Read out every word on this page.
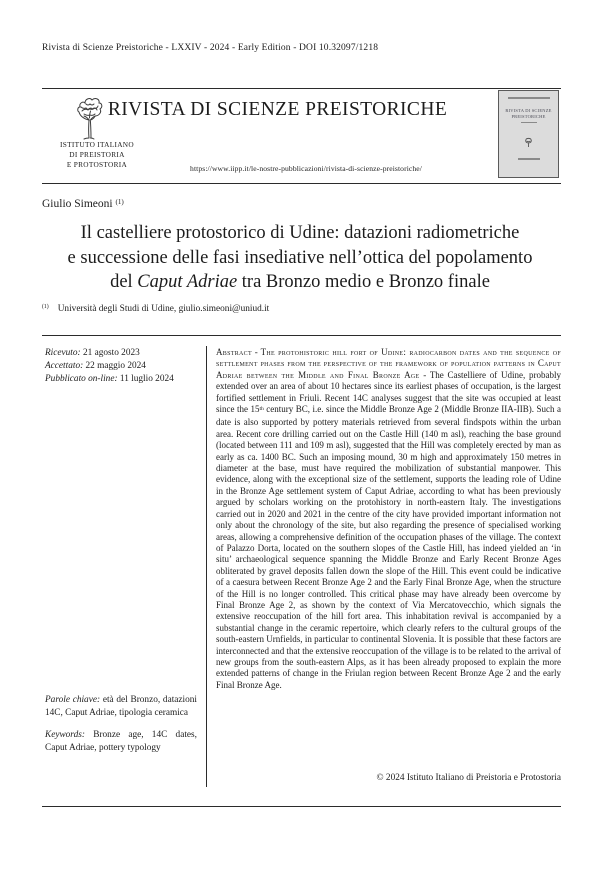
Rivista di Scienze Preistoriche - LXXIV - 2024 - Early Edition - DOI 10.32097/1218
ISTITUTO ITALIANO
DI PREISTORIA
E PROTOSTORIA
RIVISTA DI SCIENZE PREISTORICHE
https://www.iipp.it/le-nostre-pubblicazioni/rivista-di-scienze-preistoriche/
RIVISTA DI SCIENZE
PREISTORICHE
Giulio Simeoni $^{(1)}$
Il castelliere protostorico di Udine: datazioni radiometriche
e successione delle fasi insediative nell’ottica del popolamento
del Caput Adriae tra Bronzo medio e Bronzo finale
$^{(1)}$ Università degli Studi di Udine, giulio.simeoni@uniud.it
Ricevuto: 21 agosto 2023
Accettato: 22 maggio 2024
Pubblicato on-line: 11 luglio 2024

Parole chiave: età del Bronzo, datazioni 14C, Caput Adriae, tipologia ceramica

Keywords: Bronze age, 14C dates, Caput Adriae, pottery typology

Abstract - The protohistoric hill fort of Udine: radiocarbon dates and the sequence of settlement phases from the perspective of the framework of population patterns in Caput Adriae between the Middle and Final Bronze Age - The Castelliere of Udine, probably extended over an area of about 10 hectares since its earliest phases of occupation, is the largest fortified settlement in Friuli. Recent 14C analyses suggest that the site was occupied at least since the 15th century BC, i.e. since the Middle Bronze Age 2 (Middle Bronze IIA-IIB). Such a date is also supported by pottery materials retrieved from several findspots within the urban area. Recent core drilling carried out on the Castle Hill (140 m asl), reaching the base ground (located between 111 and 109 m asl), suggested that the Hill was completely erected by man as early as ca. 1400 BC. Such an imposing mound, 30 m high and approximately 150 metres in diameter at the base, must have required the mobilization of substantial manpower. This evidence, along with the exceptional size of the settlement, supports the leading role of Udine in the Bronze Age settlement system of Caput Adriae, according to what has been previously argued by scholars working on the protohistory in north-eastern Italy. The investigations carried out in 2020 and 2021 in the centre of the city have provided important information not only about the chronology of the site, but also regarding the presence of specialised working areas, allowing a comprehensive definition of the occupation phases of the village. The context of Palazzo Dorta, located on the southern slopes of the Castle Hill, has indeed yielded an ‘in situ’ archaeological sequence spanning the Middle Bronze and Early Recent Bronze Ages obliterated by gravel deposits fallen down the slope of the Hill. This event could be indicative of a caesura between Recent Bronze Age 2 and the Early Final Bronze Age, when the structure of the Hill is no longer controlled. This critical phase may have already been overcome by Final Bronze Age 2, as shown by the context of Via Mercatovecchio, which signals the extensive reoccupation of the hill fort area. This inhabitation revival is accompanied by a substantial change in the ceramic repertoire, which clearly refers to the cultural groups of the south-eastern Urnfields, in particular to continental Slovenia. It is possible that these factors are interconnected and that the extensive reoccupation of the village is to be related to the arrival of new groups from the south-eastern Alps, as it has been already proposed to explain the more extended patterns of change in the Friulan region between Recent Bronze Age 2 and the early Final Bronze Age.

© 2024 Istituto Italiano di Preistoria e Protostoria
